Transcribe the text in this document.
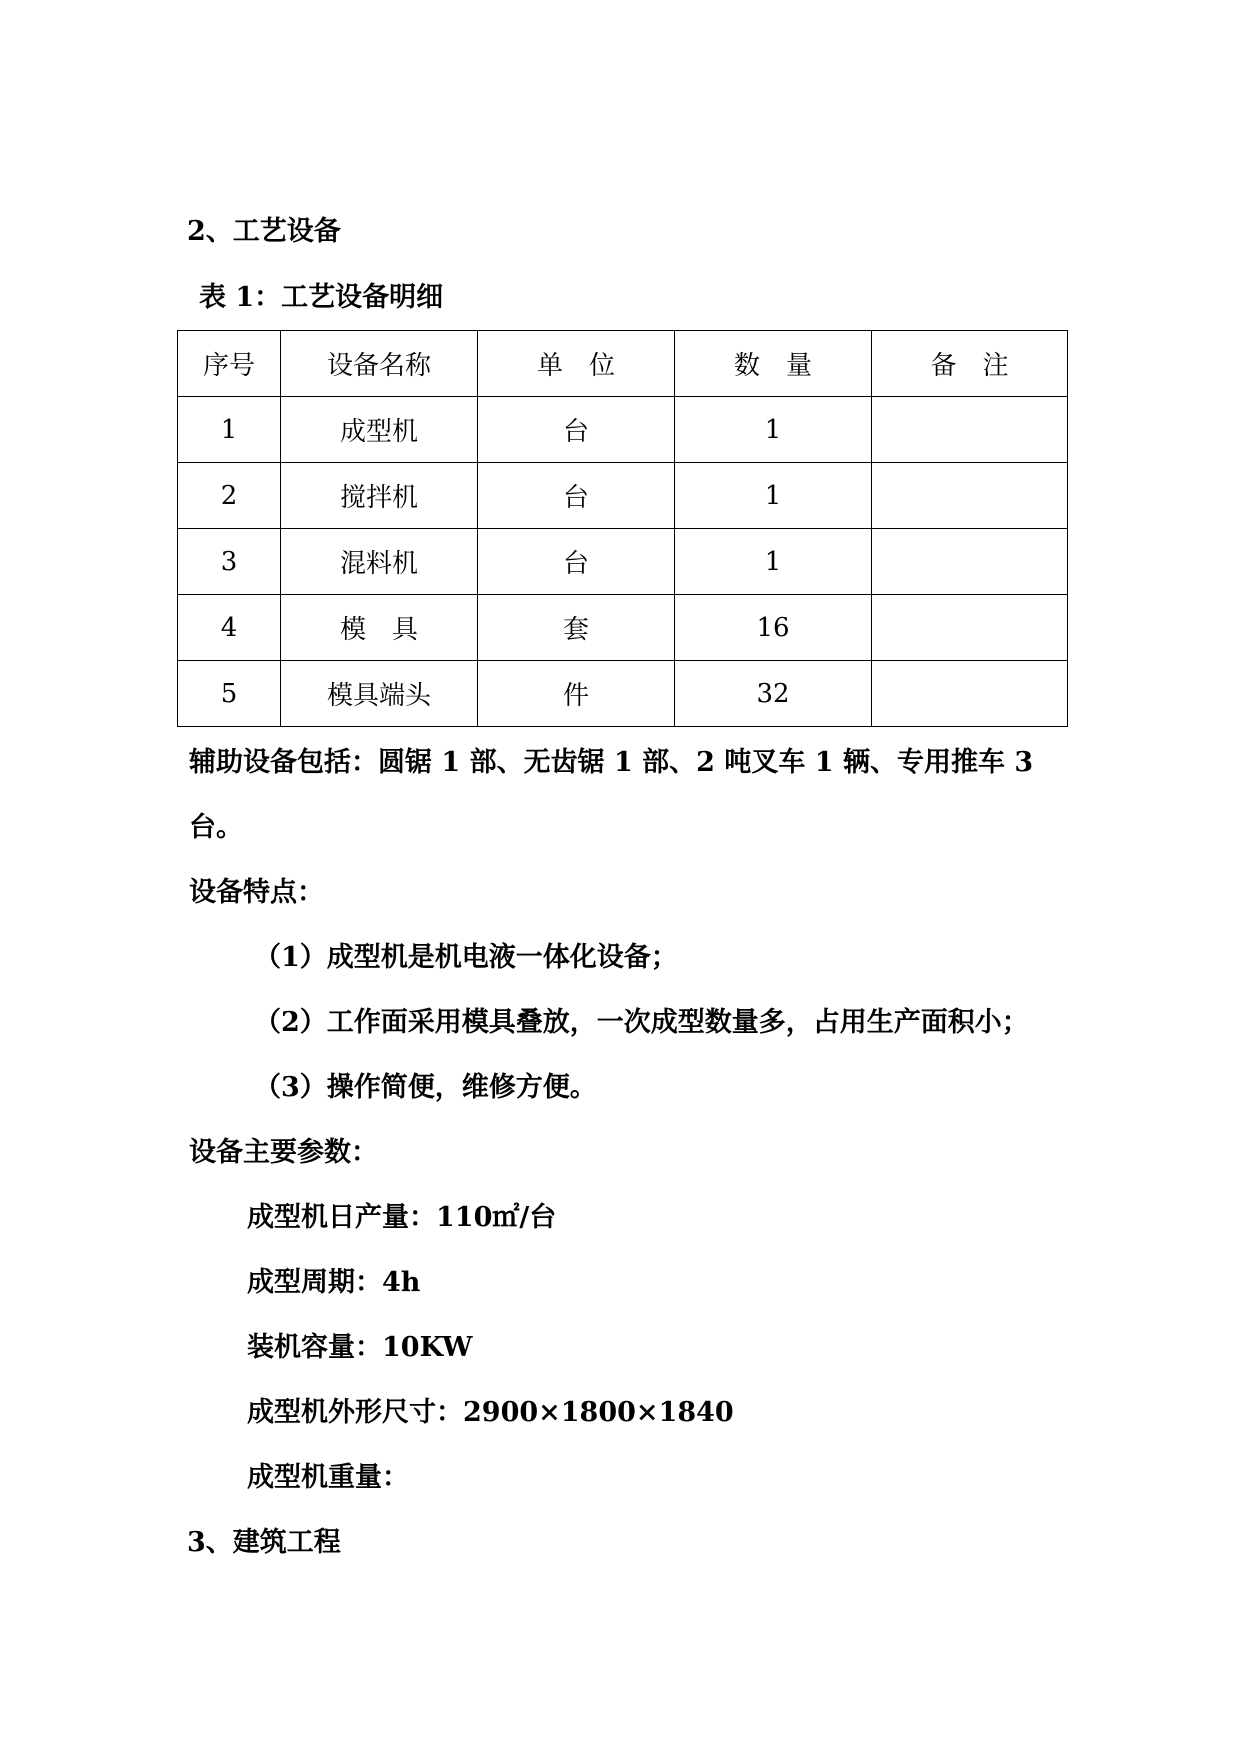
2、工艺设备
表 1：工艺设备明细
序号	设备名称	单　位	数　量	备　注
1	成型机	台	1	
2	搅拌机	台	1	
3	混料机	台	1	
4	模　具	套	16	
5	模具端头	件	32	
辅助设备包括：圆锯 1 部、无齿锯 1 部、2 吨叉车 1 辆、专用推车 3
台。
设备特点：
（1）成型机是机电液一体化设备；
（2）工作面采用模具叠放，一次成型数量多，占用生产面积小；
（3）操作简便，维修方便。
设备主要参数：
成型机日产量：110㎡/台
成型周期：4h
装机容量：10KW
成型机外形尺寸：2900×1800×1840
成型机重量：
3、建筑工程
